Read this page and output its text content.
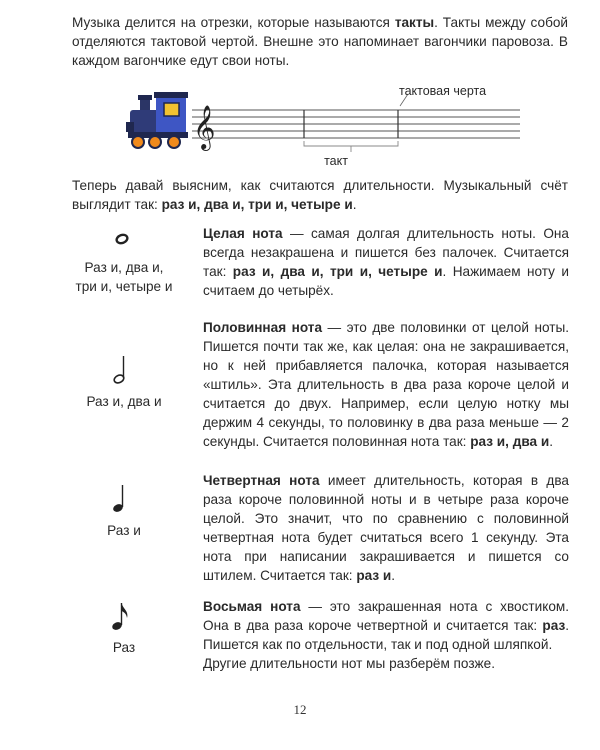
Музыка делится на отрезки, которые называются такты. Такты между собой отделяются тактовой чертой. Внешне это напоминает вагончики паровоза. В каждом вагончике едут свои ноты.
𝄞
тактовая черта
такт
Теперь давай выясним, как считаются длительности. Музыкальный счёт выглядит так: раз и, два и, три и, четыре и.
Раз и, два и,
три и, четыре и
Целая нота — самая долгая длительность ноты. Она всегда незакрашена и пишется без палочек. Считается так: раз и, два и, три и, четыре и. Нажимаем ноту и считаем до четырёх.
Раз и, два и
Половинная нота — это две половинки от целой ноты. Пишется почти так же, как целая: она не закрашивается, но к ней прибавляется палочка, которая называется «штиль». Эта длительность в два раза короче целой и считается до двух. Например, если целую нотку мы держим 4 секунды, то половинку в два раза меньше — 2 секунды. Считается половинная нота так: раз и, два и.
Раз и
Четвертная нота имеет длительность, которая в два раза короче половинной ноты и в четыре раза короче целой. Это значит, что по сравнению с половинной четвертная нота будет считаться всего 1 секунду. Эта нота при написании закрашивается и пишется со штилем. Считается так: раз и.
Раз
Восьмая нота — это закрашенная нота с хвостиком. Она в два раза короче четвертной и считается так: раз. Пишется как по отдельности, так и под одной шляпкой.
Другие длительности нот мы разберём позже.
12
